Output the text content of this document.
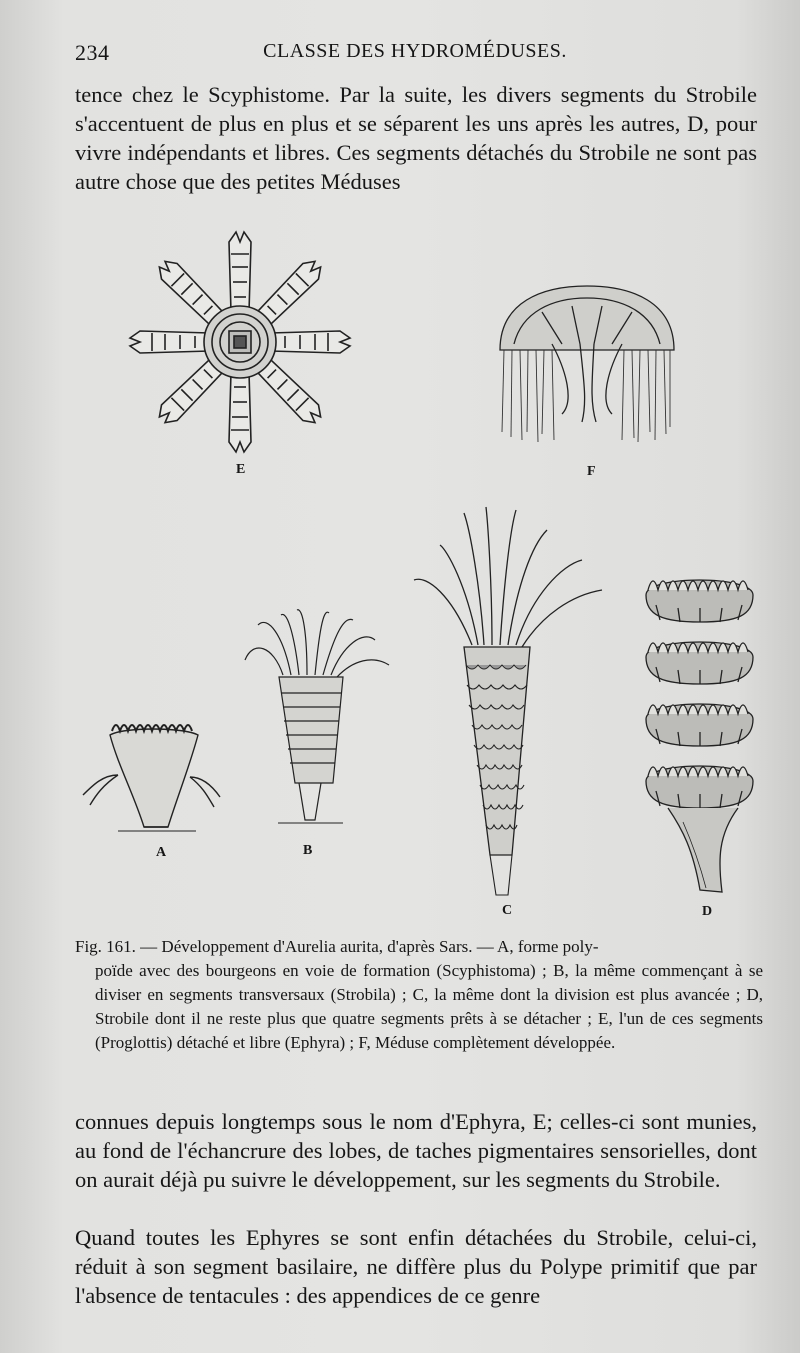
234	CLASSE DES HYDROMÉDUSES.

tence chez le Scyphistome. Par la suite, les divers segments du Strobile s'accentuent de plus en plus et se séparent les uns après les autres, D, pour vivre indépendants et libres. Ces segments détachés du Strobile ne sont pas autre chose que des petites Méduses

E	F
A	B
C	D
Fig. 161. — Développement d'Aurelia aurita, d'après Sars. — A, forme poly-
poïde avec des bourgeons en voie de formation (Scyphistoma) ; B, la même commençant à se diviser en segments transversaux (Strobila) ; C, la même dont la division est plus avancée ; D, Strobile dont il ne reste plus que quatre segments prêts à se détacher ; E, l'un de ces segments (Proglottis) détaché et libre (Ephyra) ; F, Méduse complètement développée.

connues depuis longtemps sous le nom d'Ephyra, E; celles-ci sont munies, au fond de l'échancrure des lobes, de taches pigmentaires sensorielles, dont on aurait déjà pu suivre le développement, sur les segments du Strobile.

Quand toutes les Ephyres se sont enfin détachées du Strobile, celui-ci, réduit à son segment basilaire, ne diffère plus du Polype primitif que par l'absence de tentacules : des appendices de ce genre
